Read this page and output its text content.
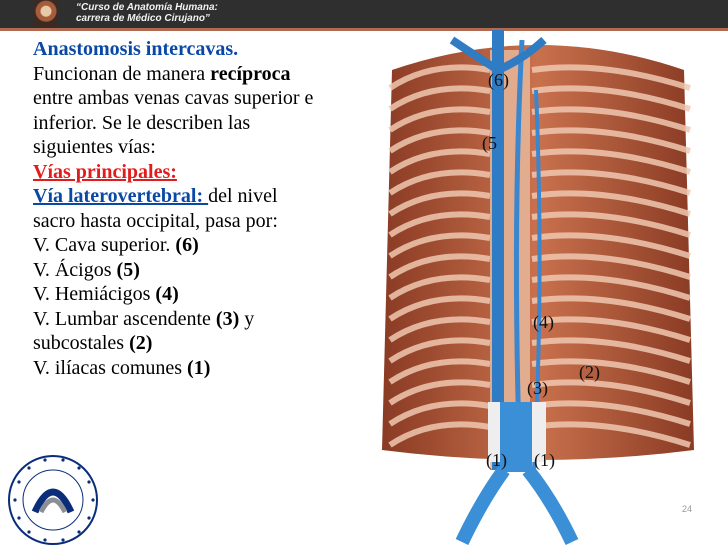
“Curso de Anatomía Humana:
carrera de Médico Cirujano”
Anastomosis intercavas.
Funcionan de manera recíproca
entre ambas venas cavas superior e
inferior. Se le describen las
siguientes vías:
Vías principales:
Vía laterovertebral: del nivel
sacro hasta occipital, pasa por:
V. Cava superior. (6)
V. Ácigos (5)
V. Hemiácigos (4)
V. Lumbar ascendente (3) y
subcostales (2)
V. ilíacas comunes (1)
(6)
(5
(4)
(2)
(3)
(1) (1)
24
